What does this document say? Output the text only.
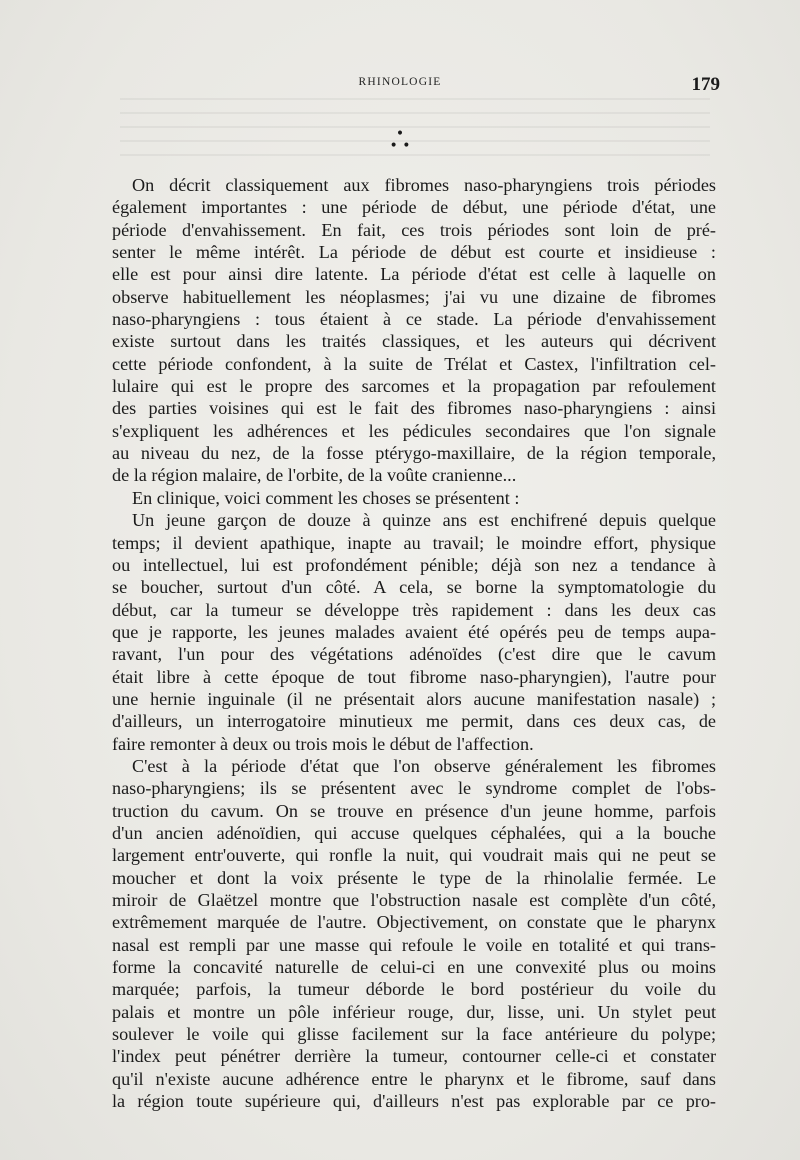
RHINOLOGIE	179
•
• •
On décrit classiquement aux fibromes naso-pharyngiens trois périodes
également importantes : une période de début, une période d'état, une
période d'envahissement. En fait, ces trois périodes sont loin de pré-
senter le même intérêt. La période de début est courte et insidieuse :
elle est pour ainsi dire latente. La période d'état est celle à laquelle on
observe habituellement les néoplasmes; j'ai vu une dizaine de fibromes
naso-pharyngiens : tous étaient à ce stade. La période d'envahissement
existe surtout dans les traités classiques, et les auteurs qui décrivent
cette période confondent, à la suite de Trélat et Castex, l'infiltration cel-
lulaire qui est le propre des sarcomes et la propagation par refoulement
des parties voisines qui est le fait des fibromes naso-pharyngiens : ainsi
s'expliquent les adhérences et les pédicules secondaires que l'on signale
au niveau du nez, de la fosse ptérygo-maxillaire, de la région temporale,
de la région malaire, de l'orbite, de la voûte cranienne...
En clinique, voici comment les choses se présentent :
Un jeune garçon de douze à quinze ans est enchifrené depuis quelque
temps; il devient apathique, inapte au travail; le moindre effort, physique
ou intellectuel, lui est profondément pénible; déjà son nez a tendance à
se boucher, surtout d'un côté. A cela, se borne la symptomatologie du
début, car la tumeur se développe très rapidement : dans les deux cas
que je rapporte, les jeunes malades avaient été opérés peu de temps aupa-
ravant, l'un pour des végétations adénoïdes (c'est dire que le cavum
était libre à cette époque de tout fibrome naso-pharyngien), l'autre pour
une hernie inguinale (il ne présentait alors aucune manifestation nasale) ;
d'ailleurs, un interrogatoire minutieux me permit, dans ces deux cas, de
faire remonter à deux ou trois mois le début de l'affection.
C'est à la période d'état que l'on observe généralement les fibromes
naso-pharyngiens; ils se présentent avec le syndrome complet de l'obs-
truction du cavum. On se trouve en présence d'un jeune homme, parfois
d'un ancien adénoïdien, qui accuse quelques céphalées, qui a la bouche
largement entr'ouverte, qui ronfle la nuit, qui voudrait mais qui ne peut se
moucher et dont la voix présente le type de la rhinolalie fermée. Le
miroir de Glaëtzel montre que l'obstruction nasale est complète d'un côté,
extrêmement marquée de l'autre. Objectivement, on constate que le pharynx
nasal est rempli par une masse qui refoule le voile en totalité et qui trans-
forme la concavité naturelle de celui-ci en une convexité plus ou moins
marquée; parfois, la tumeur déborde le bord postérieur du voile du
palais et montre un pôle inférieur rouge, dur, lisse, uni. Un stylet peut
soulever le voile qui glisse facilement sur la face antérieure du polype;
l'index peut pénétrer derrière la tumeur, contourner celle-ci et constater
qu'il n'existe aucune adhérence entre le pharynx et le fibrome, sauf dans
la région toute supérieure qui, d'ailleurs n'est pas explorable par ce pro-
